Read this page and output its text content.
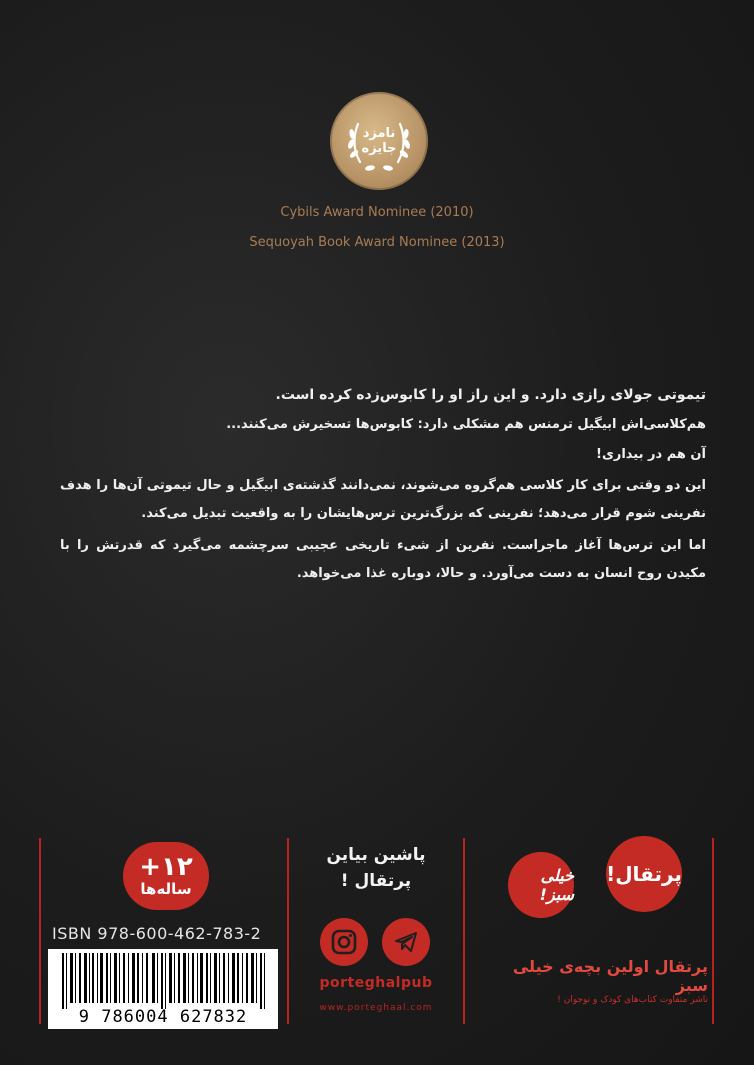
نامزد
جایزه
Cybils Award Nominee (2010)
Sequoyah Book Award Nominee (2013)

تیموتی جولای رازی دارد. و این راز او را کابوس‌زده کرده است.

هم‌کلاسی‌اش ابیگیل ترمنس هم مشکلی دارد: کابوس‌ها تسخیرش می‌کنند...

آن هم در بیداری!

این دو وقتی برای کار کلاسی هم‌گروه می‌شوند، نمی‌دانند گذشته‌ی ابیگیل و حال تیموتی آن‌ها را هدف نفرینی شوم قرار می‌دهد؛ نفرینی که بزرگ‌ترین ترس‌هایشان را به واقعیت تبدیل می‌کند.

اما این ترس‌ها آغاز ماجراست. نفرین از شیء تاریخی عجیبی سرچشمه می‌گیرد که قدرتش را با مکیدن روح انسان به دست می‌آورد. و حالا، دوباره غذا می‌خواهد.

+۱۲
ساله‌ها
ISBN 978-600-462-783-2
9 786004 627832
پاشین بیاین
پرتقال !
porteghalpub
www.porteghaal.com
خیلی سبز!
پرتقال!
پرتقال اولین بچه‌ی خیلی سبز
ناشر متفاوت کتاب‌های کودک و نوجوان !
